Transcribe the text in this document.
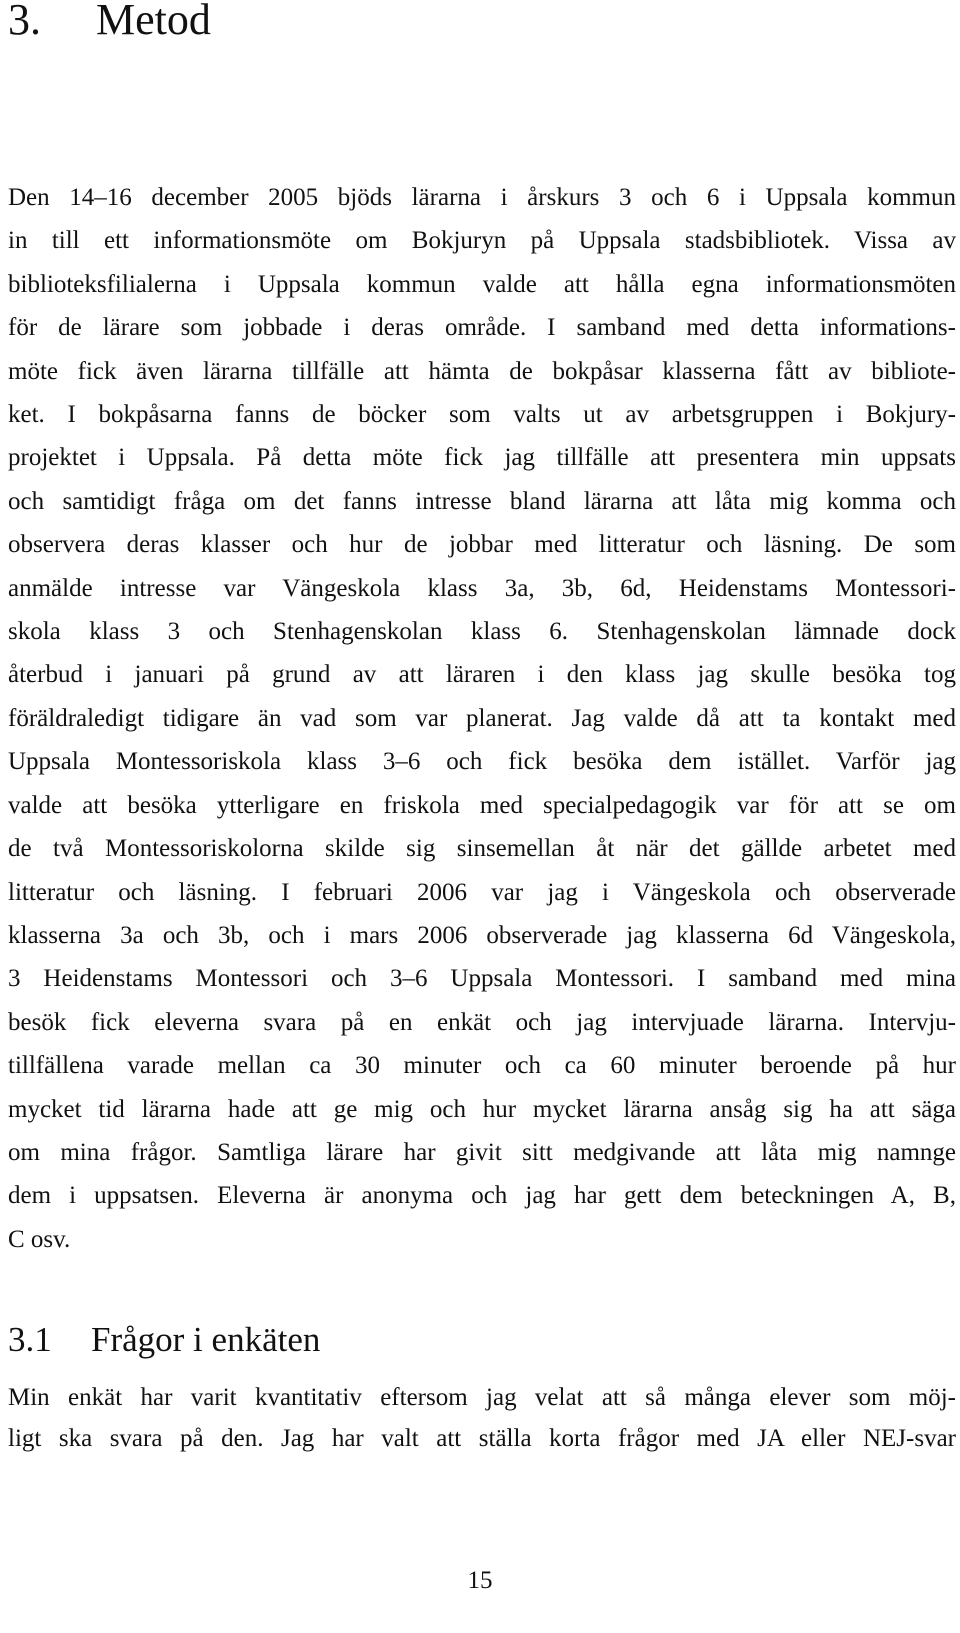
3. Metod
Den 14–16 december 2005 bjöds lärarna i årskurs 3 och 6 i Uppsala kommun
in till ett informationsmöte om Bokjuryn på Uppsala stadsbibliotek. Vissa av
biblioteksfilialerna i Uppsala kommun valde att hålla egna informationsmöten
för de lärare som jobbade i deras område. I samband med detta informations-
möte fick även lärarna tillfälle att hämta de bokpåsar klasserna fått av bibliote-
ket. I bokpåsarna fanns de böcker som valts ut av arbetsgruppen i Bokjury-
projektet i Uppsala. På detta möte fick jag tillfälle att presentera min uppsats
och samtidigt fråga om det fanns intresse bland lärarna att låta mig komma och
observera deras klasser och hur de jobbar med litteratur och läsning. De som
anmälde intresse var Vängeskola klass 3a, 3b, 6d, Heidenstams Montessori-
skola klass 3 och Stenhagenskolan klass 6. Stenhagenskolan lämnade dock
återbud i januari på grund av att läraren i den klass jag skulle besöka tog
föräldraledigt tidigare än vad som var planerat. Jag valde då att ta kontakt med
Uppsala Montessoriskola klass 3–6 och fick besöka dem istället. Varför jag
valde att besöka ytterligare en friskola med specialpedagogik var för att se om
de två Montessoriskolorna skilde sig sinsemellan åt när det gällde arbetet med
litteratur och läsning. I februari 2006 var jag i Vängeskola och observerade
klasserna 3a och 3b, och i mars 2006 observerade jag klasserna 6d Vängeskola,
3 Heidenstams Montessori och 3–6 Uppsala Montessori. I samband med mina
besök fick eleverna svara på en enkät och jag intervjuade lärarna. Intervju-
tillfällena varade mellan ca 30 minuter och ca 60 minuter beroende på hur
mycket tid lärarna hade att ge mig och hur mycket lärarna ansåg sig ha att säga
om mina frågor. Samtliga lärare har givit sitt medgivande att låta mig namnge
dem i uppsatsen. Eleverna är anonyma och jag har gett dem beteckningen A, B,
C osv.
3.1 Frågor i enkäten
Min enkät har varit kvantitativ eftersom jag velat att så många elever som möj-
ligt ska svara på den. Jag har valt att ställa korta frågor med JA eller NEJ-svar
15
